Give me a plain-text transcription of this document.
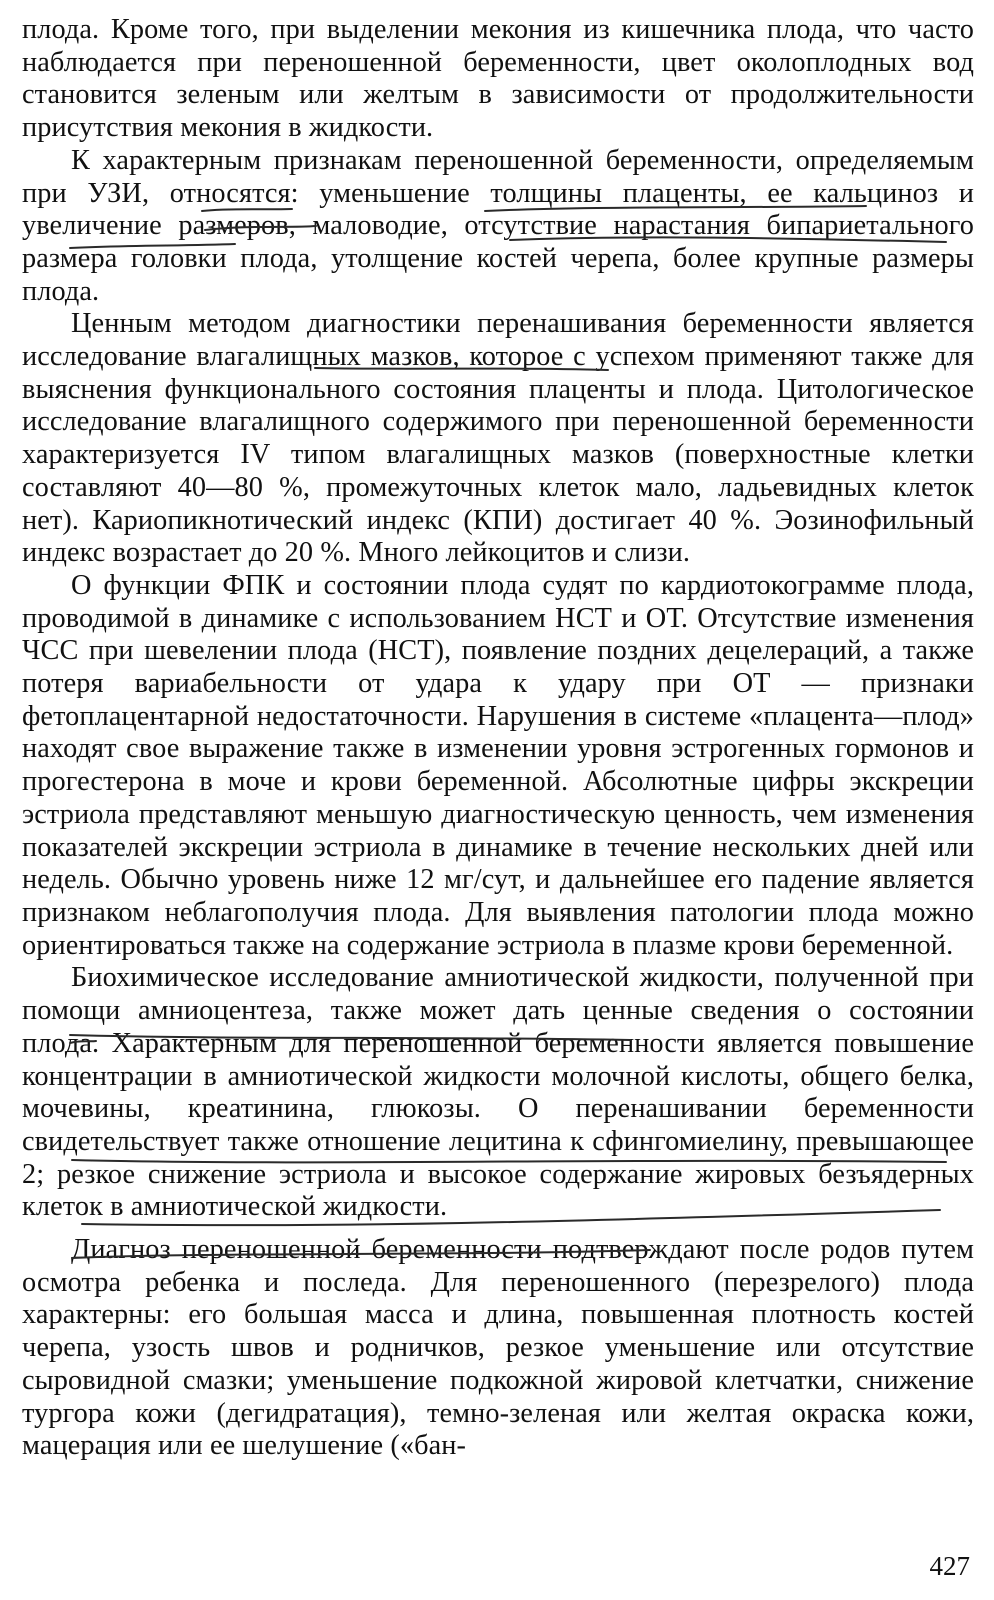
плода. Кроме того, при выделении мекония из кишечника плода, что часто наблюдается при переношенной беременности, цвет околоплодных вод становится зеленым или желтым в зависимости от продолжительности присутствия мекония в жидкости.

К характерным признакам переношенной беременности, определяемым при УЗИ, относятся: уменьшение толщины плаценты, ее кальциноз и увеличение размеров, маловодие, отсутствие нарастания бипариетального размера головки плода, утолщение костей черепа, более крупные размеры плода.

Ценным методом диагностики перенашивания беременности является исследование влагалищных мазков, которое с успехом применяют также для выяснения функционального состояния плаценты и плода. Цитологическое исследование влагалищного содержимого при переношенной беременности характеризуется IV типом влагалищных мазков (поверхностные клетки составляют 40—80 %, промежуточных клеток мало, ладьевидных клеток нет). Кариопикнотический индекс (КПИ) достигает 40 %. Эозинофильный индекс возрастает до 20 %. Много лейкоцитов и слизи.

О функции ФПК и состоянии плода судят по кардиотокограмме плода, проводимой в динамике с использованием НСТ и ОТ. Отсутствие изменения ЧСС при шевелении плода (НСТ), появление поздних децелераций, а также потеря вариабельности от удара к удару при ОТ — признаки фетоплацентарной недостаточности. Нарушения в системе «плацента—плод» находят свое выражение также в изменении уровня эстрогенных гормонов и прогестерона в моче и крови беременной. Абсолютные цифры экскреции эстриола представляют меньшую диагностическую ценность, чем изменения показателей экскреции эстриола в динамике в течение нескольких дней или недель. Обычно уровень ниже 12 мг/сут, и дальнейшее его падение является признаком неблагополучия плода. Для выявления патологии плода можно ориентироваться также на содержание эстриола в плазме крови беременной.

Биохимическое исследование амниотической жидкости, полученной при помощи амниоцентеза, также может дать ценные сведения о состоянии плода. Характерным для переношенной беременности является повышение концентрации в амниотической жидкости молочной кислоты, общего белка, мочевины, креатинина, глюкозы. О перенашивании беременности свидетельствует также отношение лецитина к сфингомиелину, превышающее 2; резкое снижение эстриола и высокое содержание жировых безъядерных клеток в амниотической жидкости.

Диагноз переношенной беременности подтверждают после родов путем осмотра ребенка и последа. Для переношенного (перезрелого) плода характерны: его большая масса и длина, повышенная плотность костей черепа, узость швов и родничков, резкое уменьшение или отсутствие сыровидной смазки; уменьшение подкожной жировой клетчатки, снижение тургора кожи (дегидратация), темно-зеленая или желтая окраска кожи, мацерация или ее шелушение («бан-

427
